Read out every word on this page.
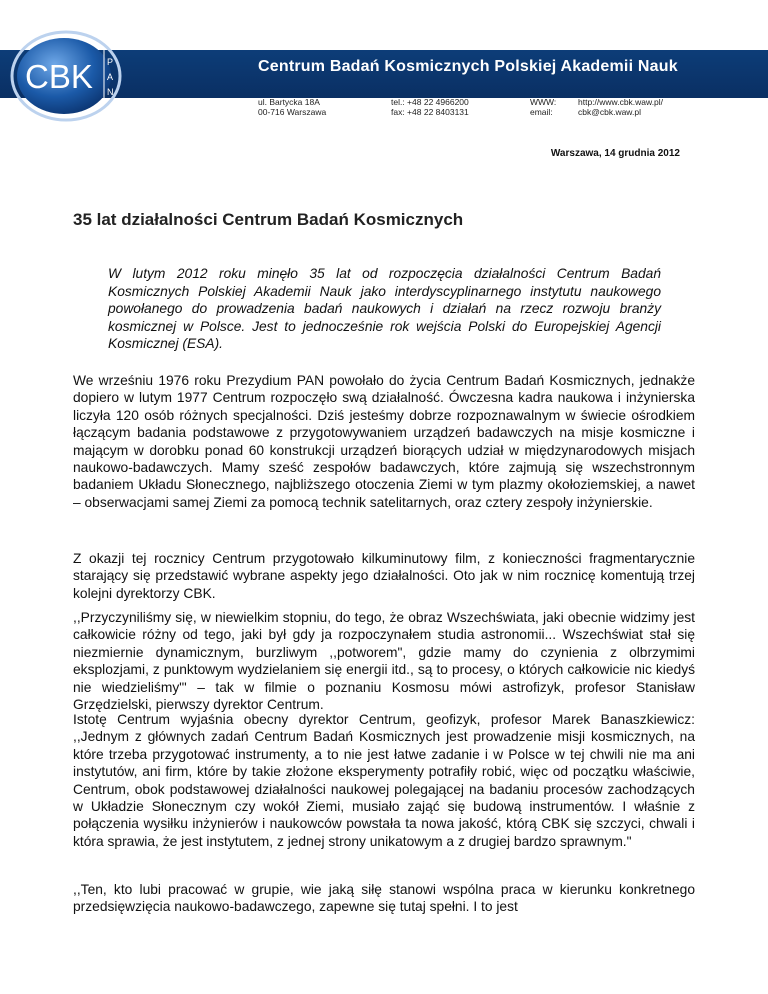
CBK P
A
N
Centrum Badań Kosmicznych Polskiej Akademii Nauk
ul. Bartycka 18A
00-716 Warszawa
tel.: +48 22 4966200
fax: +48 22 8403131
WWW:
email:
http://www.cbk.waw.pl/
cbk@cbk.waw.pl
Warszawa, 14 grudnia 2012
35 lat działalności Centrum Badań Kosmicznych
W lutym 2012 roku minęło 35 lat od rozpoczęcia działalności Centrum Badań Kosmicznych Polskiej Akademii Nauk jako interdyscyplinarnego instytutu naukowego powołanego do prowadzenia badań naukowych i działań na rzecz rozwoju branży kosmicznej w Polsce. Jest to jednocześnie rok wejścia Polski do Europejskiej Agencji Kosmicznej (ESA).

We wrześniu 1976 roku Prezydium PAN powołało do życia Centrum Badań Kosmicznych, jednakże dopiero w lutym 1977 Centrum rozpoczęło swą działalność. Ówczesna kadra naukowa i inżynierska liczyła 120 osób różnych specjalności. Dziś jesteśmy dobrze rozpoznawalnym w świecie ośrodkiem łączącym badania podstawowe z przygotowywaniem urządzeń badawczych na misje kosmiczne i mającym w dorobku ponad 60 konstrukcji urządzeń biorących udział w międzynarodowych misjach naukowo-badawczych. Mamy sześć zespołów badawczych, które zajmują się wszechstronnym badaniem Układu Słonecznego, najbliższego otoczenia Ziemi w tym plazmy okołoziemskiej, a nawet – obserwacjami samej Ziemi za pomocą technik satelitarnych, oraz cztery zespoły inżynierskie.

Z okazji tej rocznicy Centrum przygotowało kilkuminutowy film, z konieczności fragmentarycznie starający się przedstawić wybrane aspekty jego działalności. Oto jak w nim rocznicę komentują trzej kolejni dyrektorzy CBK.

,,Przyczyniliśmy się, w niewielkim stopniu, do tego, że obraz Wszechświata, jaki obecnie widzimy jest całkowicie różny od tego, jaki był gdy ja rozpoczynałem studia astronomii... Wszechświat stał się niezmiernie dynamicznym, burzliwym ,,potworem", gdzie mamy do czynienia z olbrzymimi eksplozjami, z punktowym wydzielaniem się energii itd., są to procesy, o których całkowicie nic kiedyś nie wiedzieliśmy"' – tak w filmie o poznaniu Kosmosu mówi astrofizyk, profesor Stanisław Grzędzielski, pierwszy dyrektor Centrum.

Istotę Centrum wyjaśnia obecny dyrektor Centrum, geofizyk, profesor Marek Banaszkiewicz: ,,Jednym z głównych zadań Centrum Badań Kosmicznych jest prowadzenie misji kosmicznych, na które trzeba przygotować instrumenty, a to nie jest łatwe zadanie i w Polsce w tej chwili nie ma ani instytutów, ani firm, które by takie złożone eksperymenty potrafiły robić, więc od początku właściwie, Centrum, obok podstawowej działalności naukowej polegającej na badaniu procesów zachodzących w Układzie Słonecznym czy wokół Ziemi, musiało zająć się budową instrumentów. I właśnie z połączenia wysiłku inżynierów i naukowców powstała ta nowa jakość, którą CBK się szczyci, chwali i która sprawia, że jest instytutem, z jednej strony unikatowym a z drugiej bardzo sprawnym."

,,Ten, kto lubi pracować w grupie, wie jaką siłę stanowi wspólna praca w kierunku konkretnego przedsięwzięcia naukowo-badawczego, zapewne się tutaj spełni. I to jest
